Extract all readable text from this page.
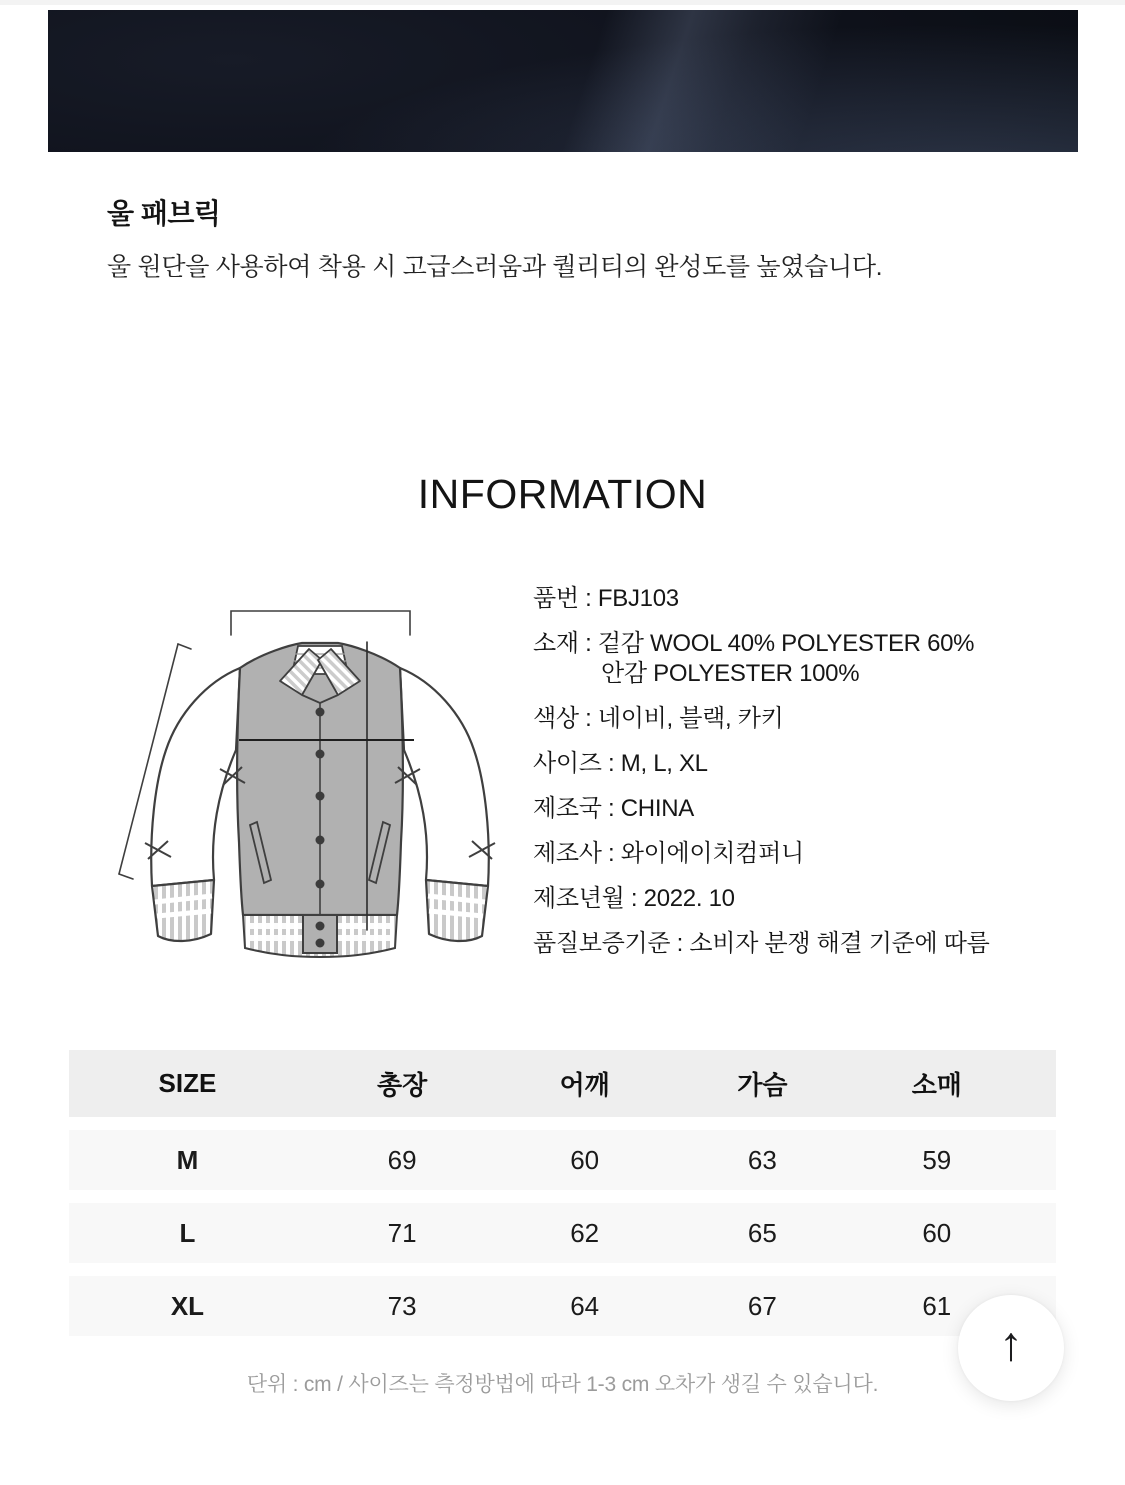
울 패브릭

울 원단을 사용하여 착용 시 고급스러움과 퀄리티의 완성도를 높였습니다.

INFORMATION
품번 : FBJ103
소재 : 겉감 WOOL 40% POLYESTER 60%
안감 POLYESTER 100%
색상 : 네이비, 블랙, 카키
사이즈 : M, L, XL
제조국 : CHINA
제조사 : 와이에이치컴퍼니
제조년월 : 2022. 10
품질보증기준 : 소비자 분쟁 해결 기준에 따름
SIZE	총장	어깨	가슴	소매
M	69	60	63	59
L	71	62	65	60
XL	73	64	67	61

단위 : cm / 사이즈는 측정방법에 따라 1-3 cm 오차가 생길 수 있습니다.

↑
